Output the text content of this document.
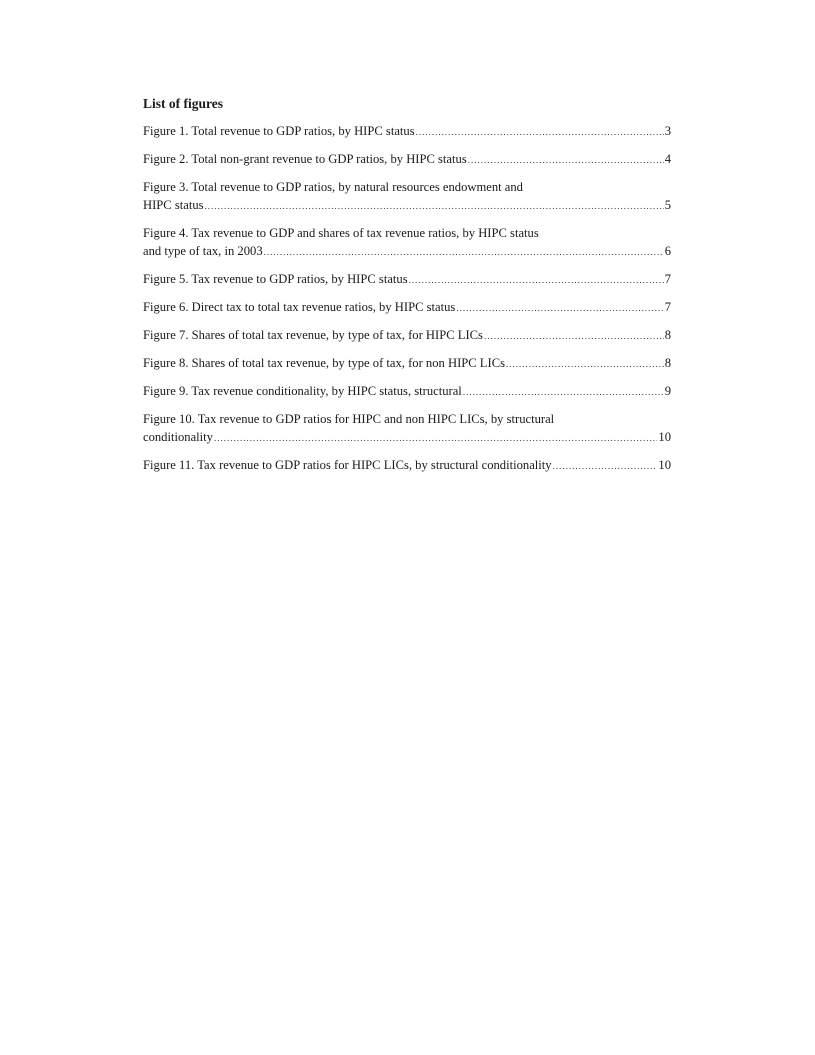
List of figures
Figure 1. Total revenue to GDP ratios, by HIPC status .....	3
Figure 2. Total non-grant revenue to GDP ratios, by HIPC status .....	4
Figure 3. Total revenue to GDP ratios, by natural resources endowment and
HIPC status .....	5
Figure 4. Tax revenue to GDP and shares of tax revenue ratios, by HIPC status
and type of tax, in 2003 .....	6
Figure 5. Tax revenue to GDP ratios, by HIPC status .....	7
Figure 6. Direct tax to total tax revenue ratios, by HIPC status .....	7
Figure 7. Shares of total tax revenue, by type of tax, for HIPC LICs .....	8
Figure 8. Shares of total tax revenue, by type of tax, for non HIPC LICs .....	8
Figure 9. Tax revenue conditionality, by HIPC status, structural .....	9
Figure 10. Tax revenue to GDP ratios for HIPC and non HIPC LICs, by structural
conditionality .....	10
Figure 11. Tax revenue to GDP ratios for HIPC LICs, by structural conditionality .....	10
